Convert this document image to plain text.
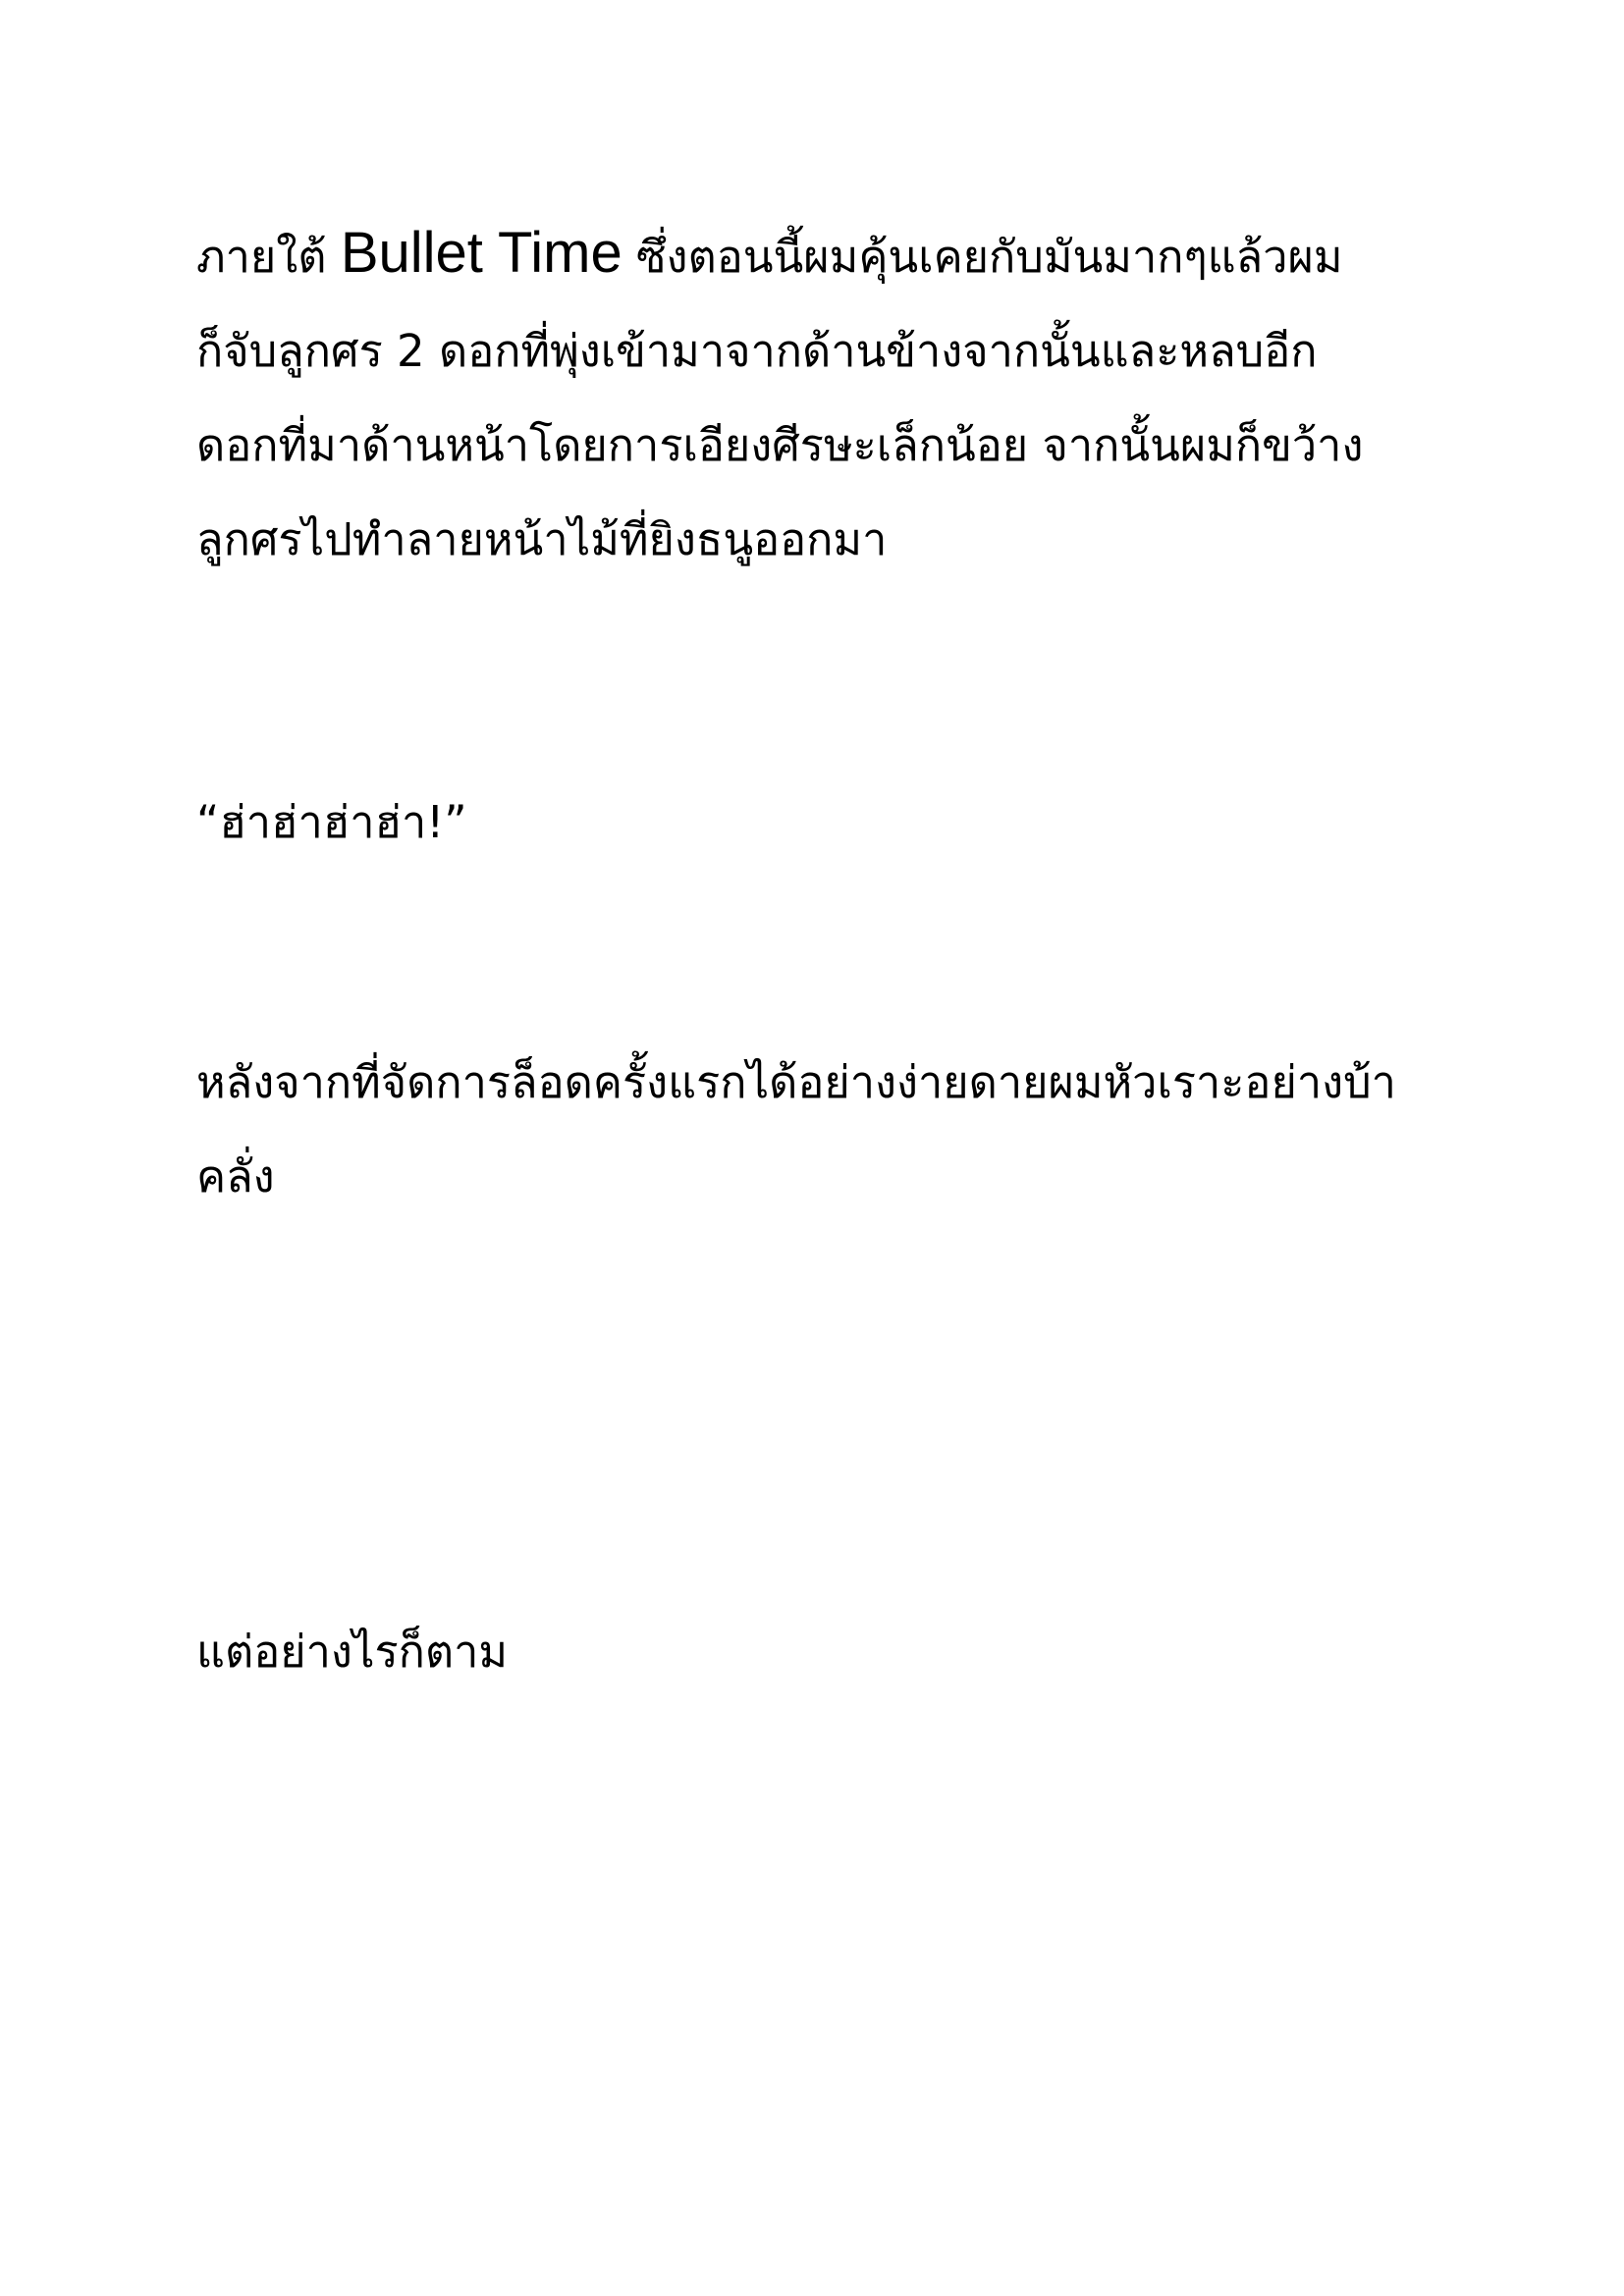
ภายใต้ Bullet Time ซึ่งตอนนี้ผมคุ้นเคยกับมันมากๆแล้วผม
ก็จับลูกศร 2 ดอกที่พุ่งเข้ามาจากด้านข้างจากนั้นและหลบอีก
ดอกที่มาด้านหน้าโดยการเอียงศีรษะเล็กน้อย จากนั้นผมก็ขว้าง
ลูกศรไปทำลายหน้าไม้ที่ยิงธนูออกมา

“ฮ่าฮ่าฮ่าฮ่า!”

หลังจากที่จัดการล็อดครั้งแรกได้อย่างง่ายดายผมหัวเราะอย่างบ้า
คลั่ง

แต่อย่างไรก็ตาม
